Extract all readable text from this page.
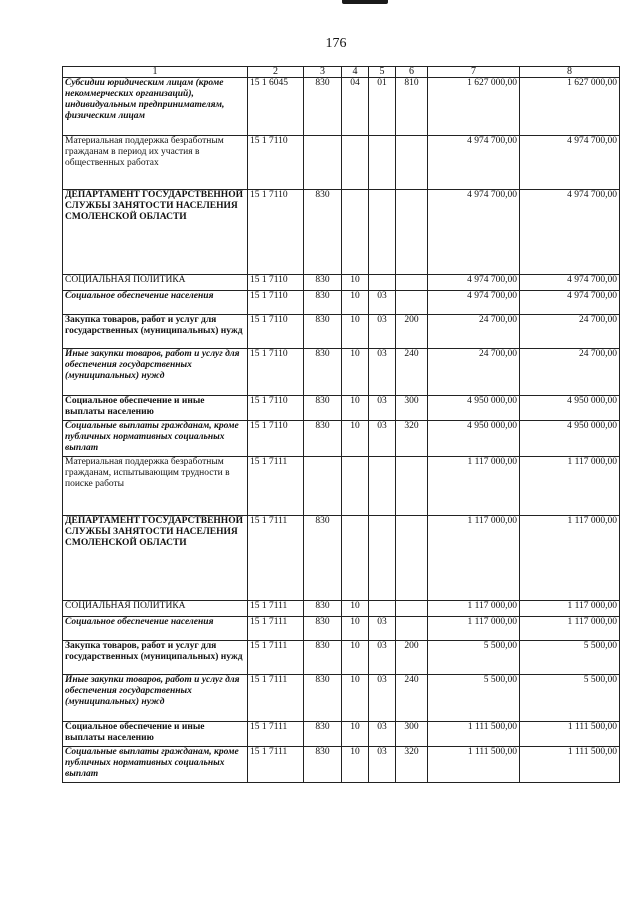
176
1	2	3	4	5	6	7	8
Субсидии юридическим лицам (кроме некоммерческих организаций), индивидуальным предпринимателям, физическим лицам	15 1 6045	830	04	01	810	1 627 000,00	1 627 000,00
Материальная поддержка безработным гражданам в период их участия в общественных работах	15 1 7110					4 974 700,00	4 974 700,00
ДЕПАРТАМЕНТ ГОСУДАРСТВЕННОЙ СЛУЖБЫ ЗАНЯТОСТИ НАСЕЛЕНИЯ СМОЛЕНСКОЙ ОБЛАСТИ	15 1 7110	830				4 974 700,00	4 974 700,00
СОЦИАЛЬНАЯ ПОЛИТИКА	15 1 7110	830	10			4 974 700,00	4 974 700,00
Социальное обеспечение населения	15 1 7110	830	10	03		4 974 700,00	4 974 700,00
Закупка товаров, работ и услуг для государственных (муниципальных) нужд	15 1 7110	830	10	03	200	24 700,00	24 700,00
Иные закупки товаров, работ и услуг для обеспечения государственных (муниципальных) нужд	15 1 7110	830	10	03	240	24 700,00	24 700,00
Социальное обеспечение и иные выплаты населению	15 1 7110	830	10	03	300	4 950 000,00	4 950 000,00
Социальные выплаты гражданам, кроме публичных нормативных социальных выплат	15 1 7110	830	10	03	320	4 950 000,00	4 950 000,00
Материальная поддержка безработным гражданам, испытывающим трудности в поиске работы	15 1 7111					1 117 000,00	1 117 000,00
ДЕПАРТАМЕНТ ГОСУДАРСТВЕННОЙ СЛУЖБЫ ЗАНЯТОСТИ НАСЕЛЕНИЯ СМОЛЕНСКОЙ ОБЛАСТИ	15 1 7111	830				1 117 000,00	1 117 000,00
СОЦИАЛЬНАЯ ПОЛИТИКА	15 1 7111	830	10			1 117 000,00	1 117 000,00
Социальное обеспечение населения	15 1 7111	830	10	03		1 117 000,00	1 117 000,00
Закупка товаров, работ и услуг для государственных (муниципальных) нужд	15 1 7111	830	10	03	200	5 500,00	5 500,00
Иные закупки товаров, работ и услуг для обеспечения государственных (муниципальных) нужд	15 1 7111	830	10	03	240	5 500,00	5 500,00
Социальное обеспечение и иные выплаты населению	15 1 7111	830	10	03	300	1 111 500,00	1 111 500,00
Социальные выплаты гражданам, кроме публичных нормативных социальных выплат	15 1 7111	830	10	03	320	1 111 500,00	1 111 500,00
